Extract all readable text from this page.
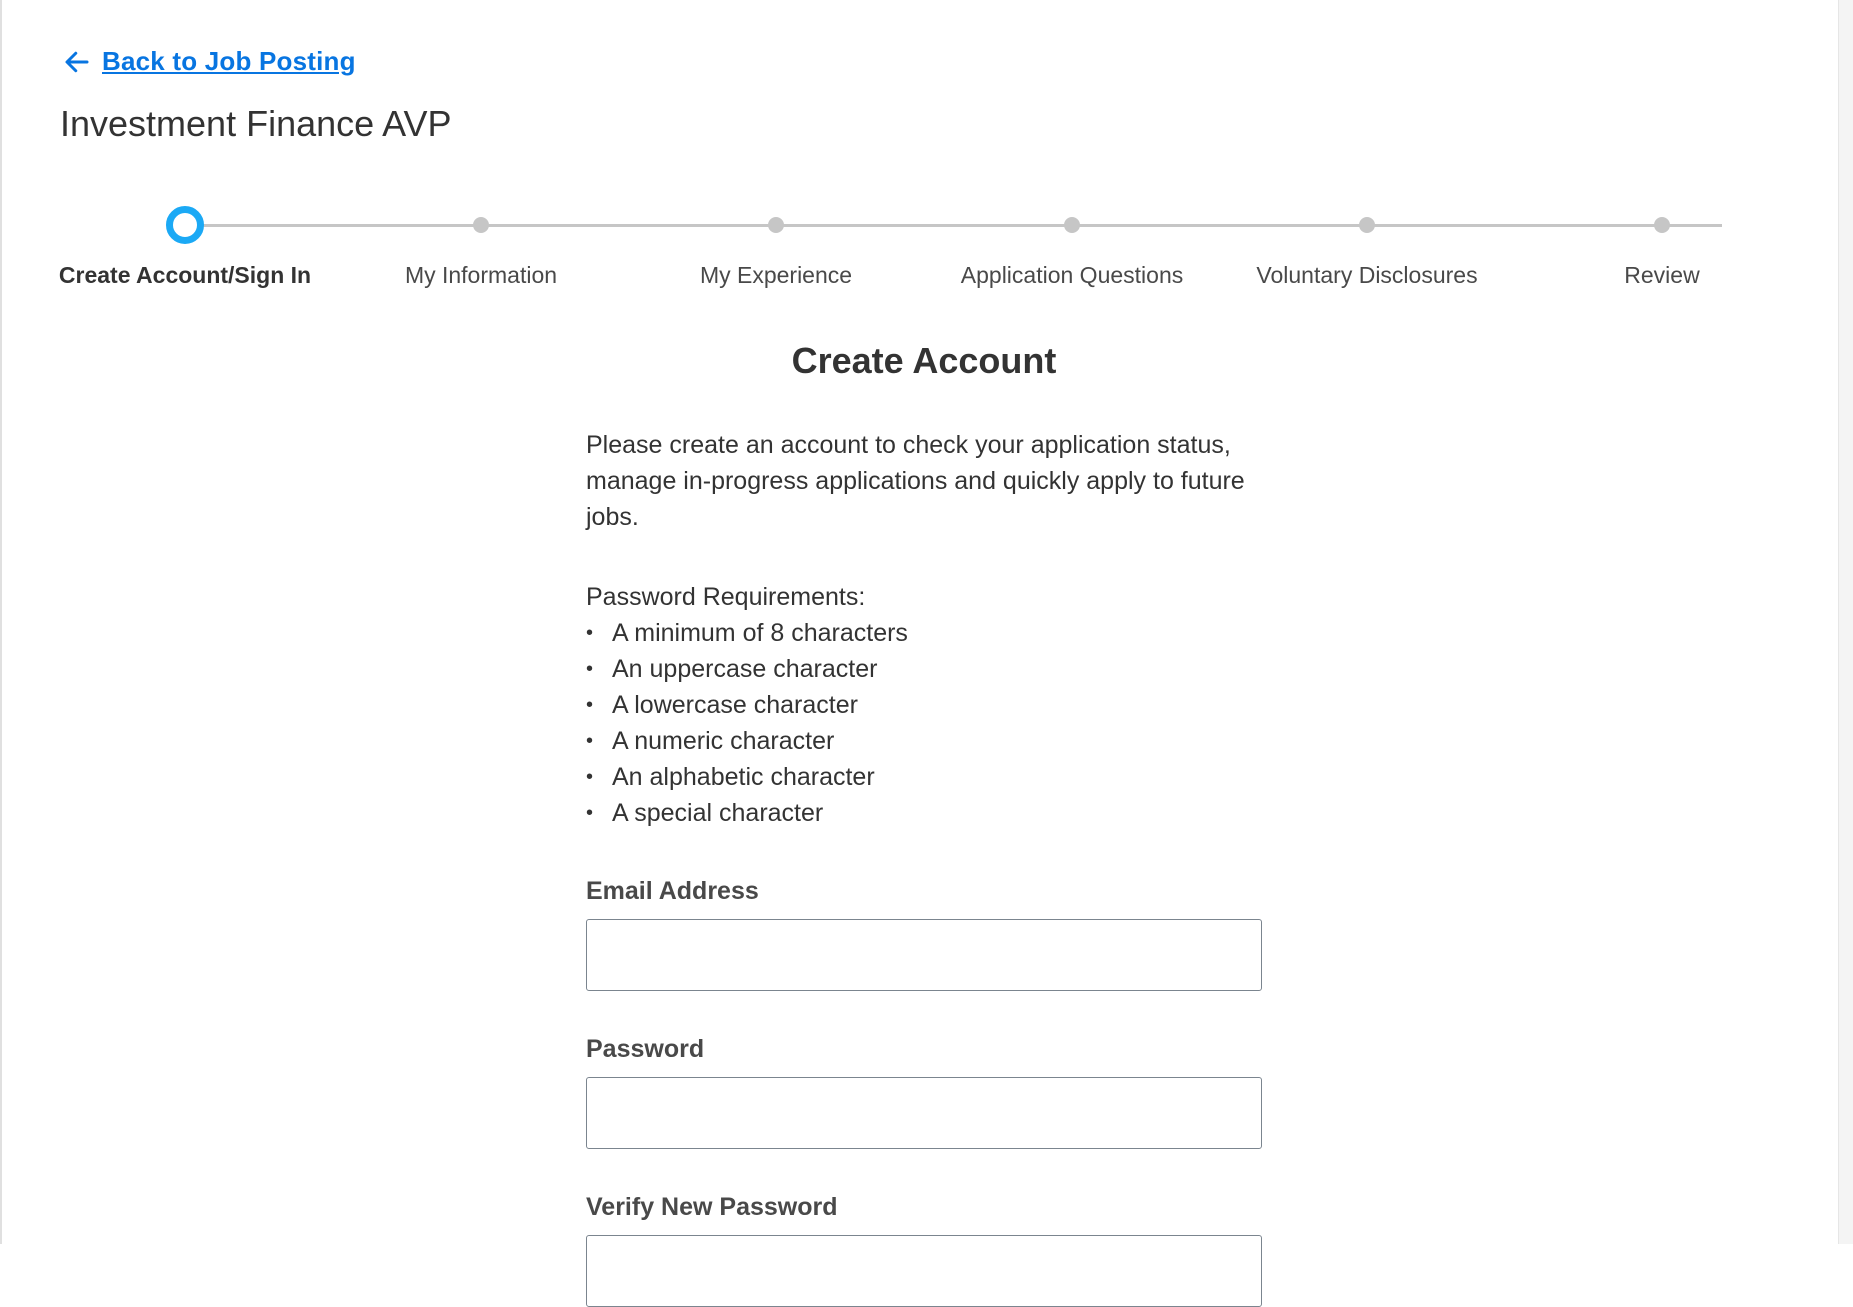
Back to Job Posting
Investment Finance AVP
Create Account/Sign In	My Information	My Experience	Application Questions	Voluntary Disclosures	Review
Create Account

Please create an account to check your application status, manage in-progress applications and quickly apply to future jobs.

Password Requirements:

• A minimum of 8 characters
• An uppercase character
• A lowercase character
• A numeric character
• An alphabetic character
• A special character
Email Address
Password
Verify New Password
